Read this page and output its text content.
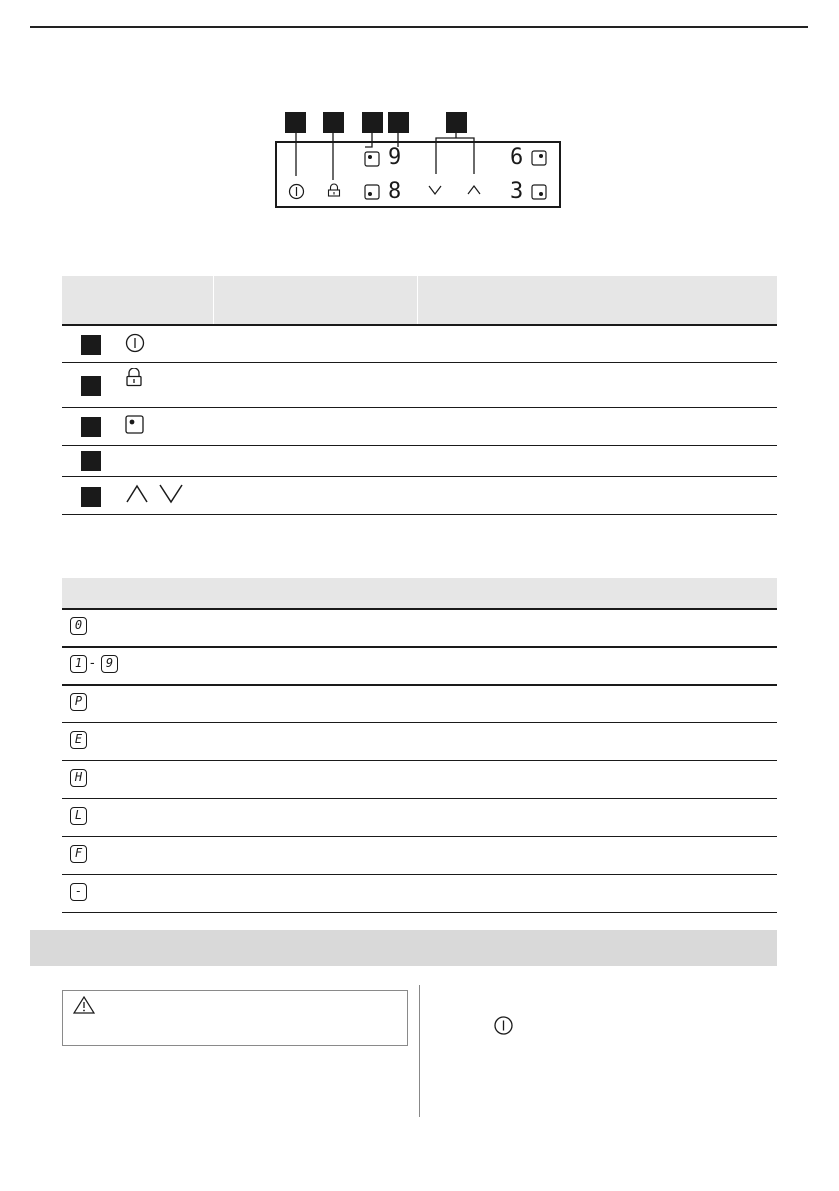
9
8
6
3
0
1 - 9
P
E
H
L
F
-
